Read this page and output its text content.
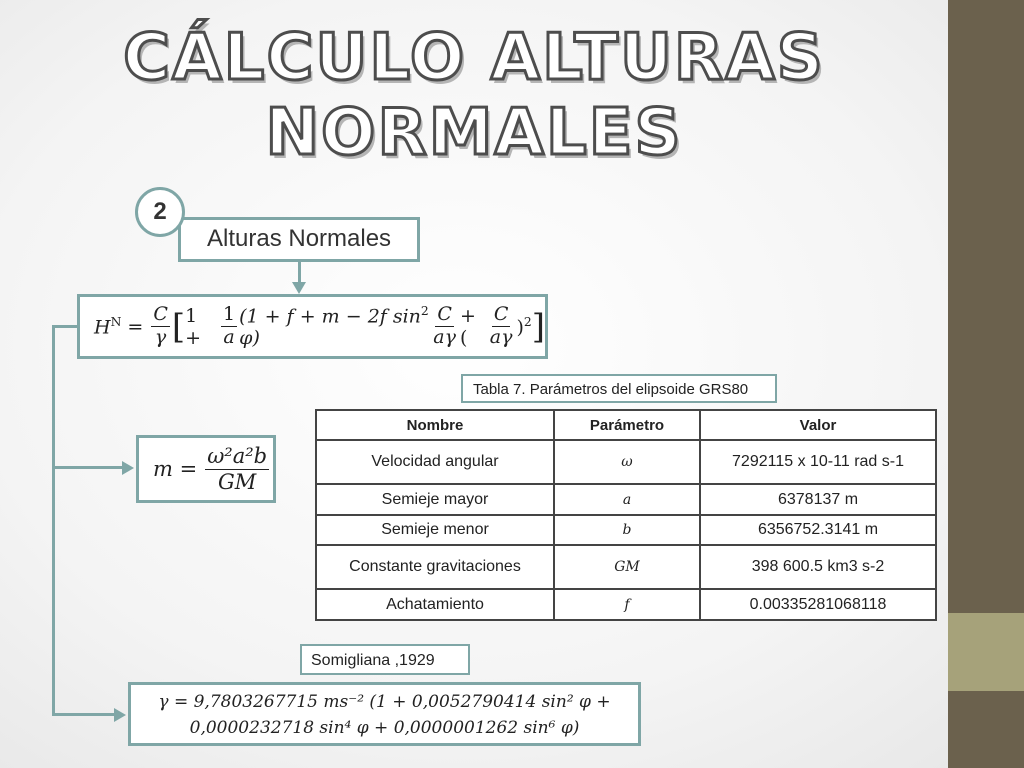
CÁLCULO ALTURAS
NORMALES
Alturas Normales
2
$H^N = \frac{C}{\gamma}$ [ 1 +	$\frac{1}{a} (1 + f + m - 2f$ $\sin^2 \varphi$)	$\frac{C}{a\gamma}$ + (	$\frac{C}{a\gamma} )^2$ ]
$m = \frac{\text{ω²a²b}}{GM}$
Tabla 7. Parámetros del elipsoide GRS80
Nombre	Parámetro	Valor
Velocidad angular	ω	7292115 x 10-11 rad s-1
Semieje mayor	a	6378137 m
Semieje menor	b	6356752.3141 m
Constante gravitaciones	GM	398 600.5 km3 s-2
Achatamiento	f	0.00335281068118
Somigliana ,1929
γ = 9,7803267715 ms⁻² (1 + 0,0052790414 sin² φ +
0,0000232718 sin⁴ φ + 0,0000001262 sin⁶ φ)
